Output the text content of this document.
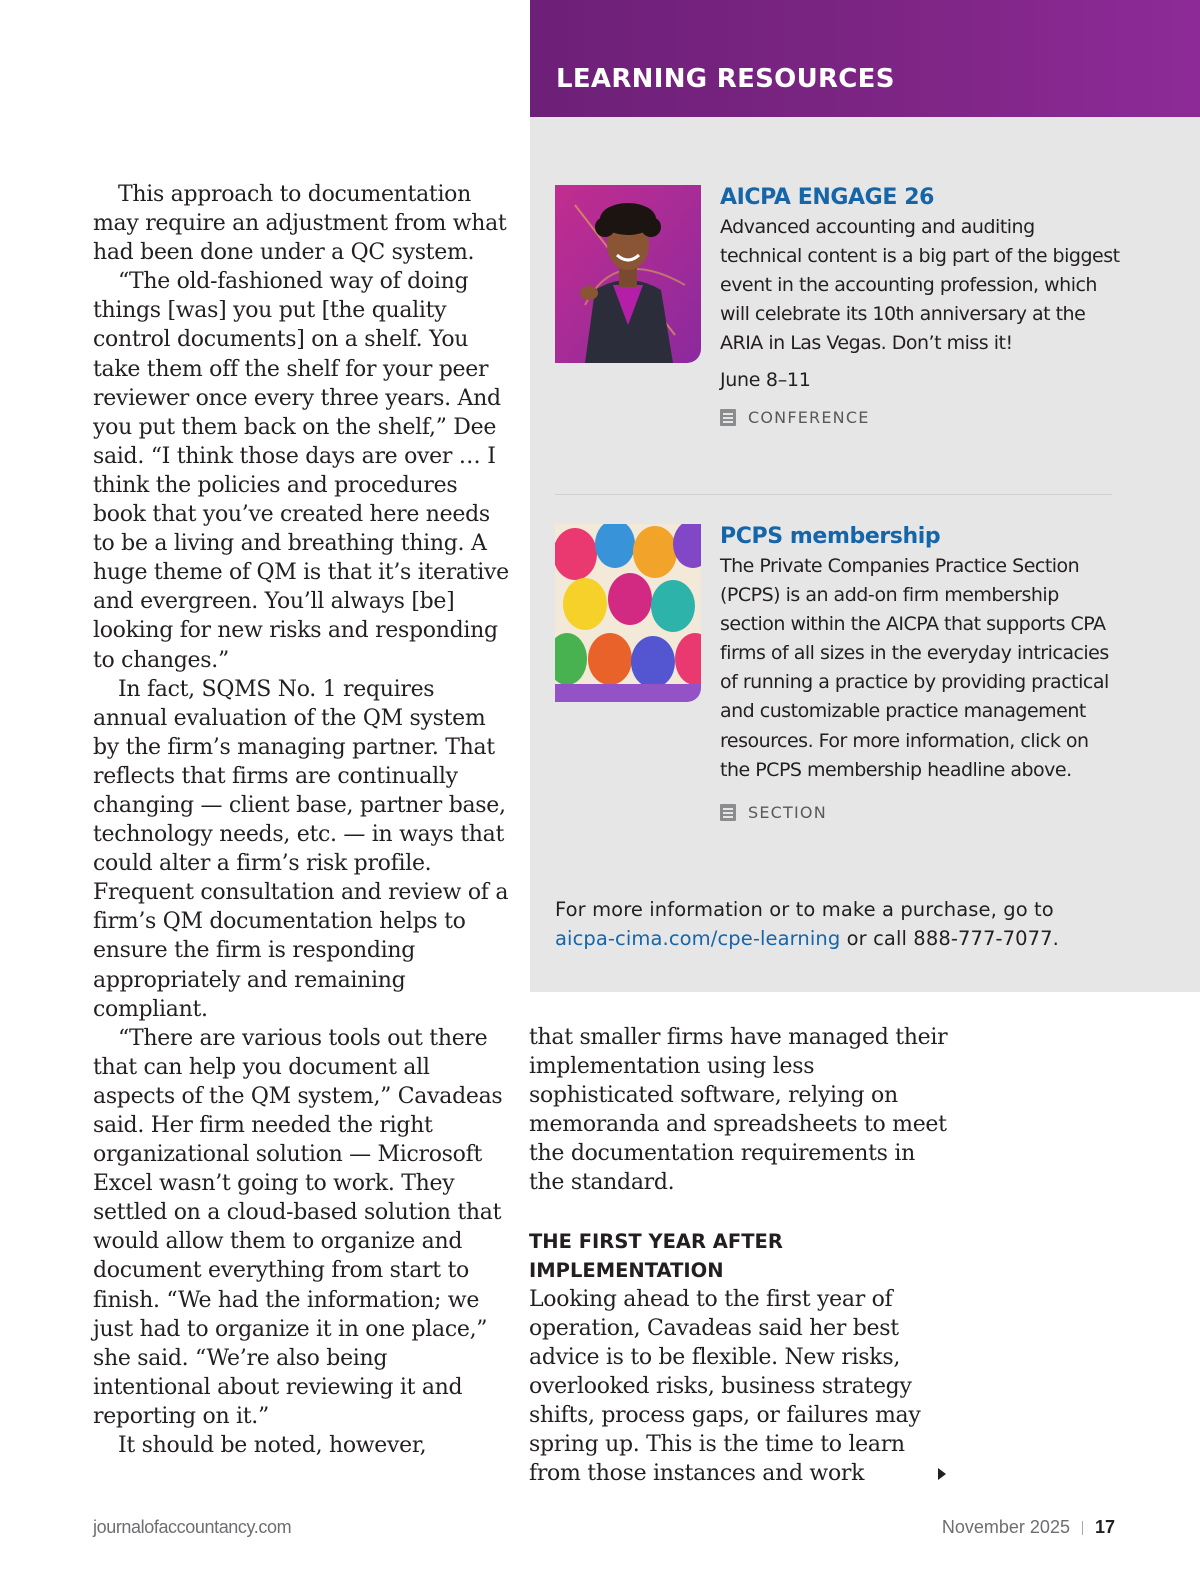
This approach to documentation may require an adjustment from what had been done under a QC system.

“The old-fashioned way of doing things [was] you put [the quality control documents] on a shelf. You take them off the shelf for your peer reviewer once every three years. And you put them back on the shelf,” Dee said. “I think those days are over … I think the policies and procedures book that you’ve created here needs to be a living and breathing thing. A huge theme of QM is that it’s iterative and evergreen. You’ll always [be] looking for new risks and responding to changes.”

In fact, SQMS No. 1 requires annual evaluation of the QM system by the firm’s managing partner. That reflects that firms are continually changing — client base, partner base, technology needs, etc. — in ways that could alter a firm’s risk profile. Frequent consultation and review of a firm’s QM documentation helps to ensure the firm is responding appropriately and remaining compliant.

“There are various tools out there that can help you document all aspects of the QM system,” Cavadeas said. Her firm needed the right organizational solution — Microsoft Excel wasn’t going to work. They settled on a cloud-based solution that would allow them to organize and document everything from start to finish. “We had the information; we just had to organize it in one place,” she said. “We’re also being intentional about reviewing it and reporting on it.”

It should be noted, however,

LEARNING RESOURCES
AICPA ENGAGE 26
Advanced accounting and auditing technical content is a big part of the biggest event in the accounting profession, which will celebrate its 10th anniversary at the ARIA in Las Vegas. Don’t miss it!
June 8–11
CONFERENCE
PCPS membership
The Private Companies Practice Section (PCPS) is an add-on firm membership section within the AICPA that supports CPA firms of all sizes in the everyday intricacies of running a practice by providing practical and customizable practice management resources. For more information, click on the PCPS membership headline above.
SECTION
For more information or to make a purchase, go to
aicpa-cima.com/cpe-learning or call 888-777-7077.

that smaller firms have managed their implementation using less sophisticated software, relying on memoranda and spreadsheets to meet the documentation requirements in the standard.

THE FIRST YEAR AFTER
IMPLEMENTATION

Looking ahead to the first year of operation, Cavadeas said her best advice is to be flexible. New risks, overlooked risks, business strategy shifts, process gaps, or failures may spring up. This is the time to learn from those instances and work

journalofaccountancy.com	November 2025 17
